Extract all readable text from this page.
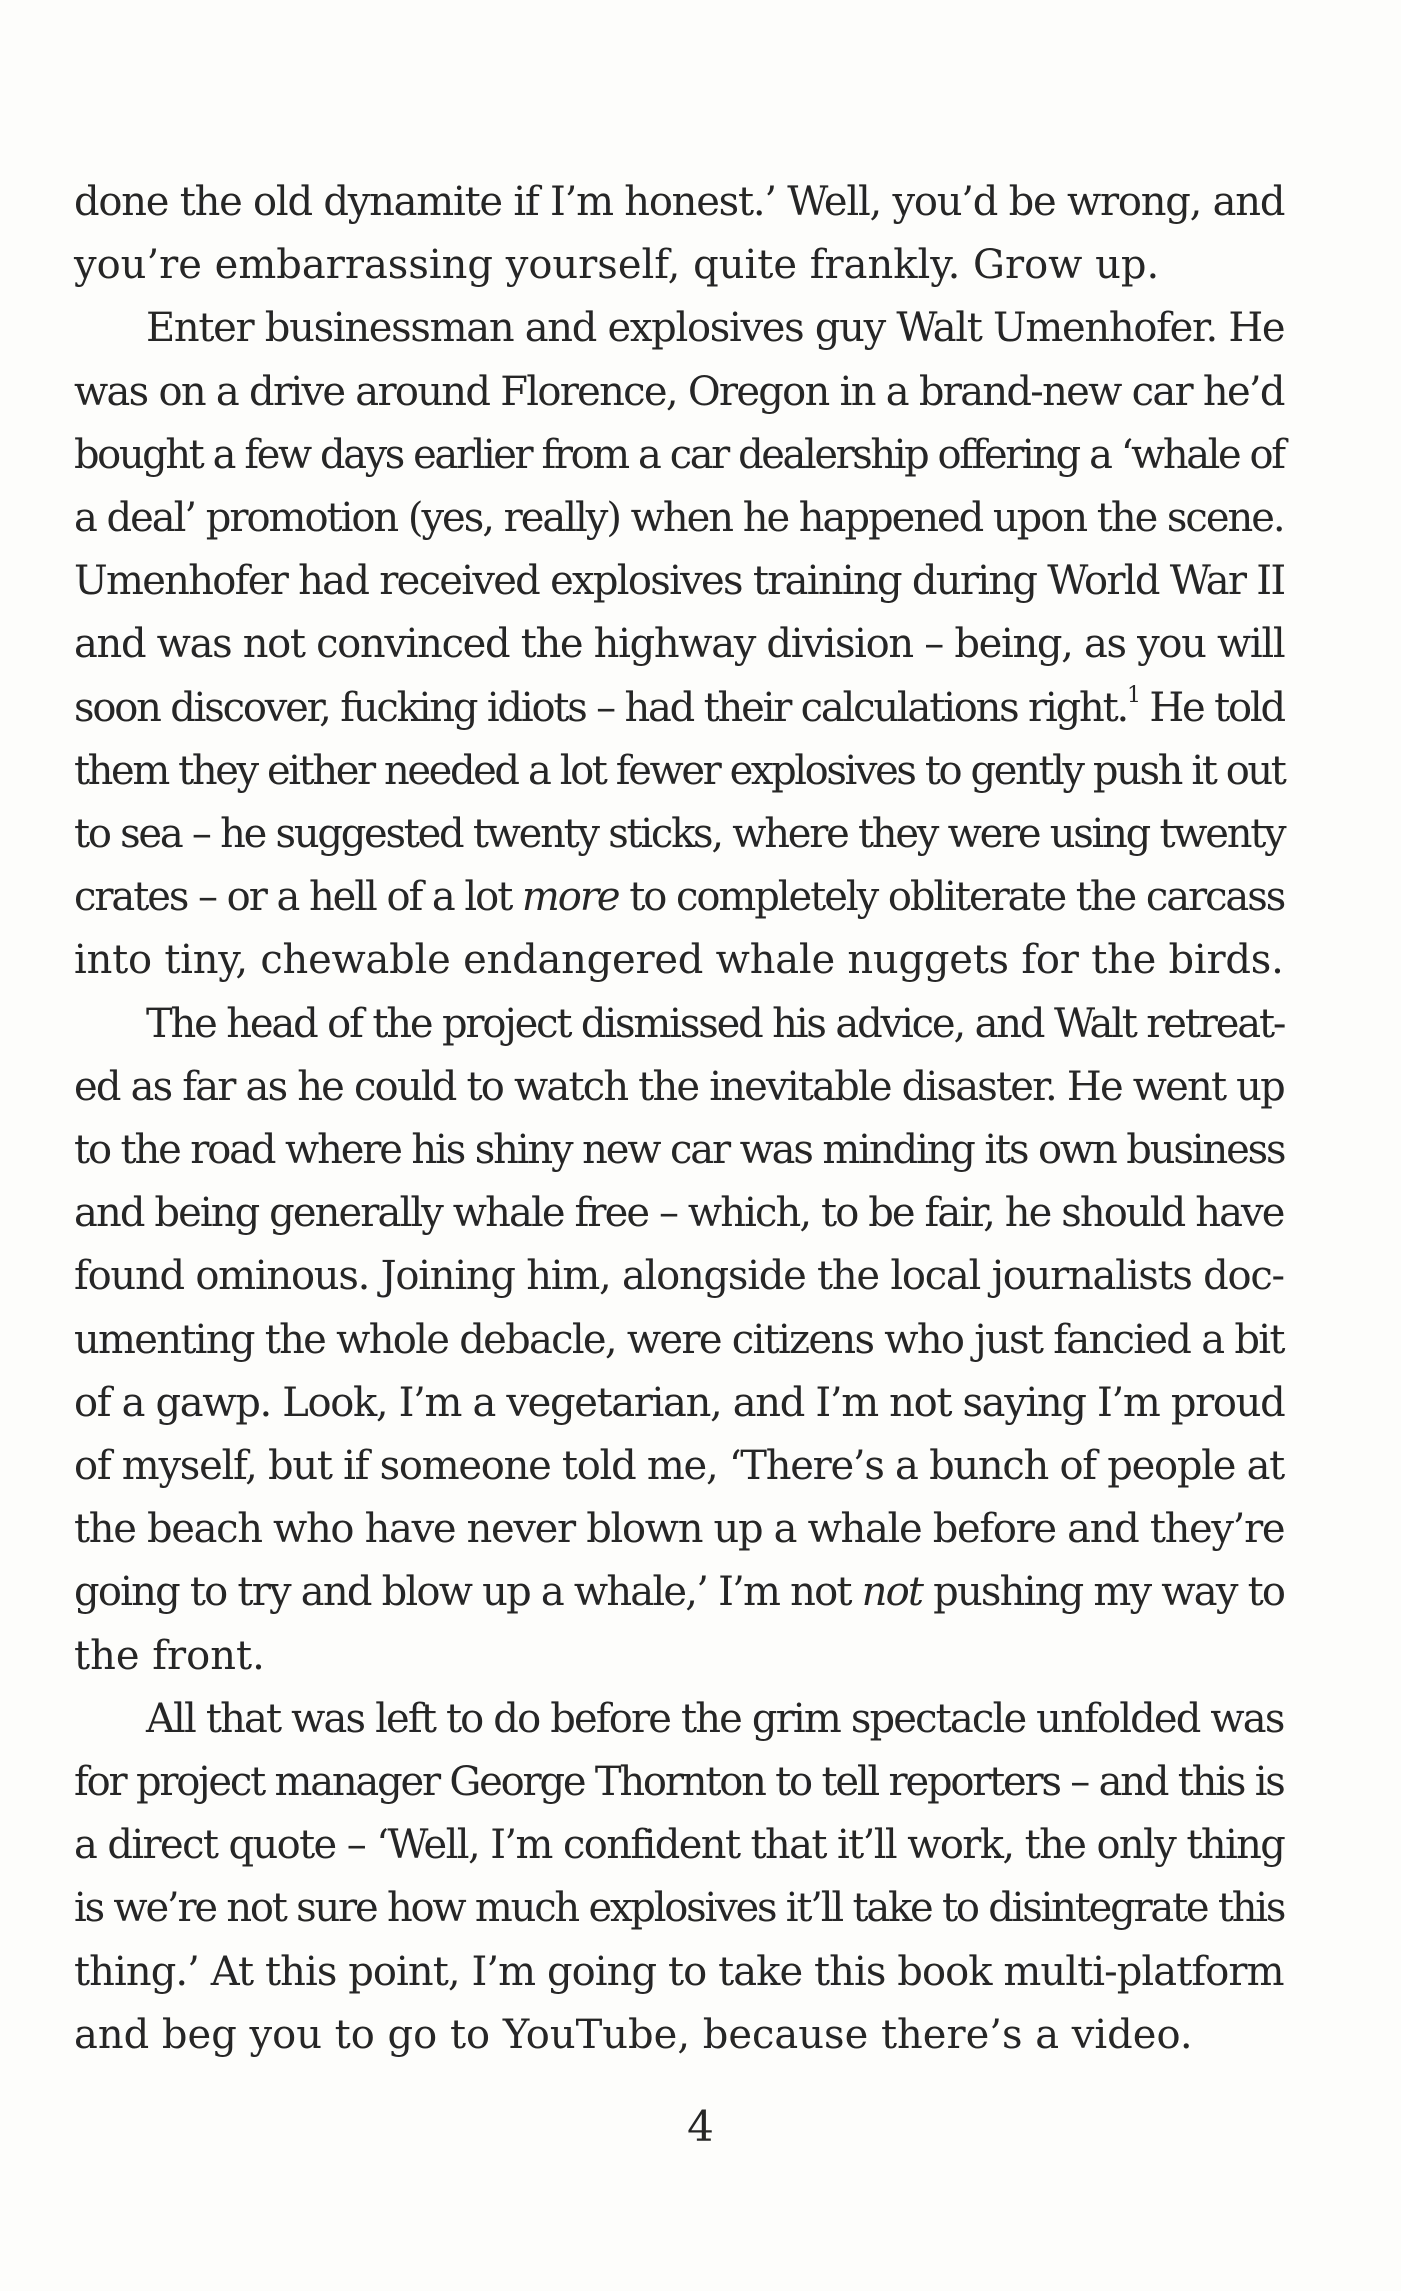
done the old dynamite if I’m honest.’ Well, you’d be wrong, and
you’re embarrassing yourself, quite frankly. Grow up.
Enter businessman and explosives guy Walt Umenhofer. He
was on a drive around Florence, Oregon in a brand-new car he’d
bought a few days earlier from a car dealership offering a ‘whale of
a deal’ promotion (yes, really) when he happened upon the scene.
Umenhofer had received explosives training during World War II
and was not convinced the highway division – being, as you will
soon discover, fucking idiots – had their calculations right.$^1$ He told
them they either needed a lot fewer explosives to gently push it out
to sea – he suggested twenty sticks, where they were using twenty
crates – or a hell of a lot more to completely obliterate the carcass
into tiny, chewable endangered whale nuggets for the birds.
The head of the project dismissed his advice, and Walt retreat-
ed as far as he could to watch the inevitable disaster. He went up
to the road where his shiny new car was minding its own business
and being generally whale free – which, to be fair, he should have
found ominous. Joining him, alongside the local journalists doc-
umenting the whole debacle, were citizens who just fancied a bit
of a gawp. Look, I’m a vegetarian, and I’m not saying I’m proud
of myself, but if someone told me, ‘There’s a bunch of people at
the beach who have never blown up a whale before and they’re
going to try and blow up a whale,’ I’m not not pushing my way to
the front.
All that was left to do before the grim spectacle unfolded was
for project manager George Thornton to tell reporters – and this is
a direct quote – ‘Well, I’m confident that it’ll work, the only thing
is we’re not sure how much explosives it’ll take to disintegrate this
thing.’ At this point, I’m going to take this book multi-platform
and beg you to go to YouTube, because there’s a video.
4
